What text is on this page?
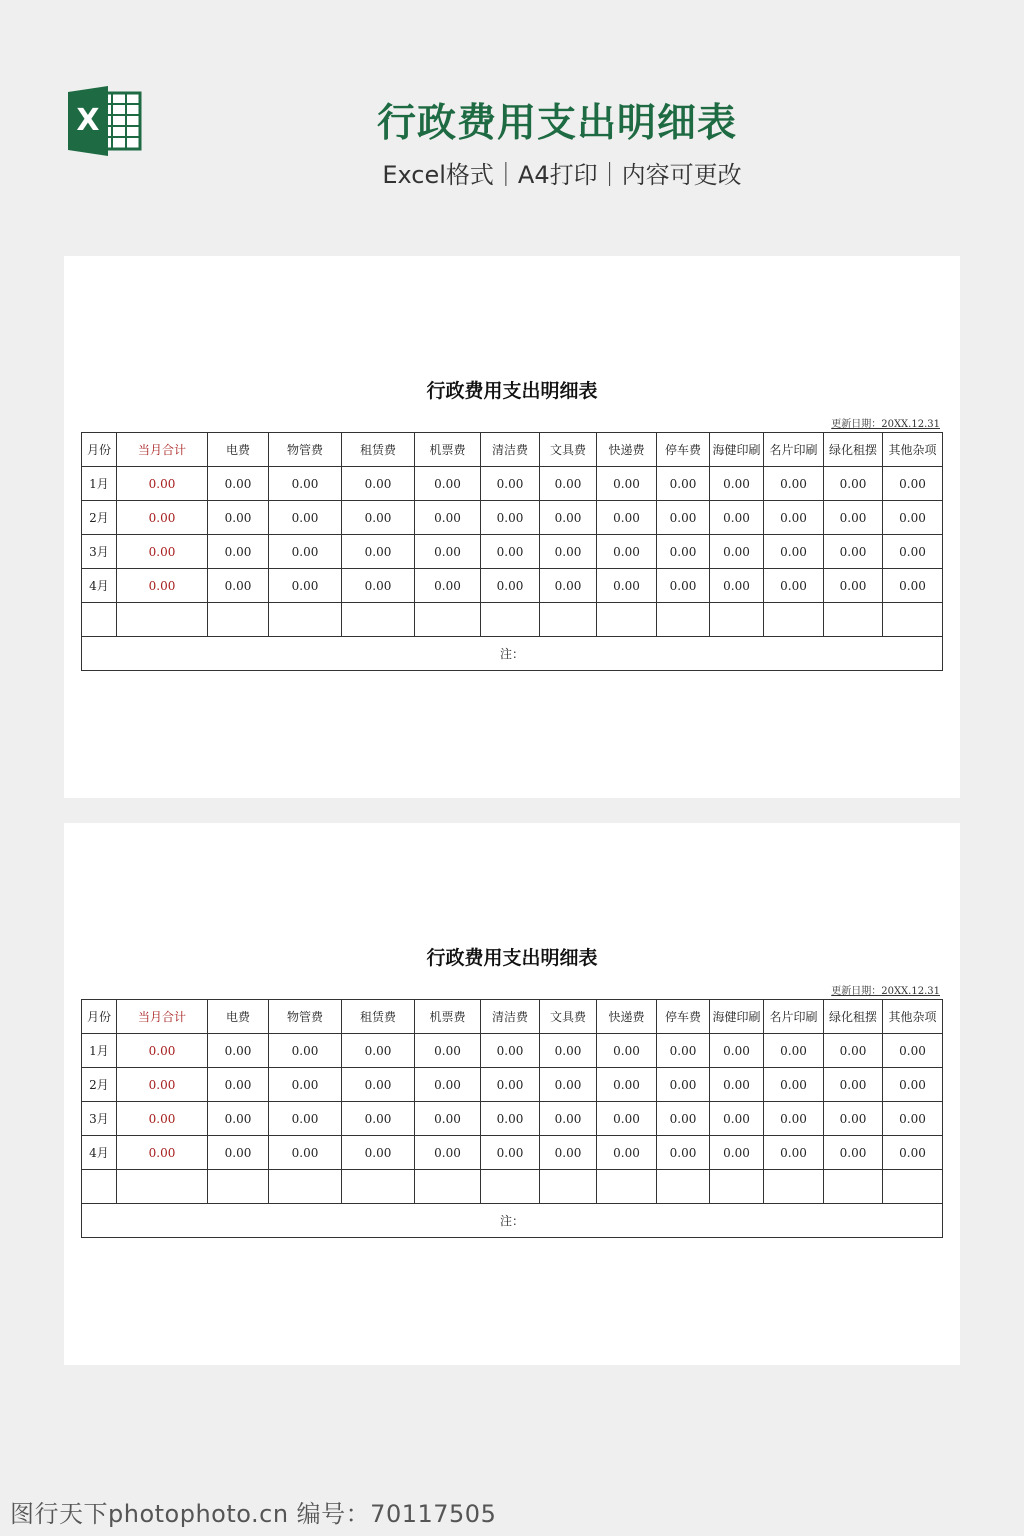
X	行政费用支出明细表
Excel格式｜A4打印｜内容可更改
行政费用支出明细表
更新日期：20XX.12.31
月份	当月合计	电费	物管费	租赁费	机票费	清洁费	文具费	快递费	停车费	海健印刷	名片印刷	绿化租摆	其他杂项
1月	0.00	0.00	0.00	0.00	0.00	0.00	0.00	0.00	0.00	0.00	0.00	0.00	0.00
2月	0.00	0.00	0.00	0.00	0.00	0.00	0.00	0.00	0.00	0.00	0.00	0.00	0.00
3月	0.00	0.00	0.00	0.00	0.00	0.00	0.00	0.00	0.00	0.00	0.00	0.00	0.00
4月	0.00	0.00	0.00	0.00	0.00	0.00	0.00	0.00	0.00	0.00	0.00	0.00	0.00

注：													
行政费用支出明细表
更新日期：20XX.12.31
月份	当月合计	电费	物管费	租赁费	机票费	清洁费	文具费	快递费	停车费	海健印刷	名片印刷	绿化租摆	其他杂项
1月	0.00	0.00	0.00	0.00	0.00	0.00	0.00	0.00	0.00	0.00	0.00	0.00	0.00
2月	0.00	0.00	0.00	0.00	0.00	0.00	0.00	0.00	0.00	0.00	0.00	0.00	0.00
3月	0.00	0.00	0.00	0.00	0.00	0.00	0.00	0.00	0.00	0.00	0.00	0.00	0.00
4月	0.00	0.00	0.00	0.00	0.00	0.00	0.00	0.00	0.00	0.00	0.00	0.00	0.00

注：													
图行天下photophoto.cn 编号：70117505
